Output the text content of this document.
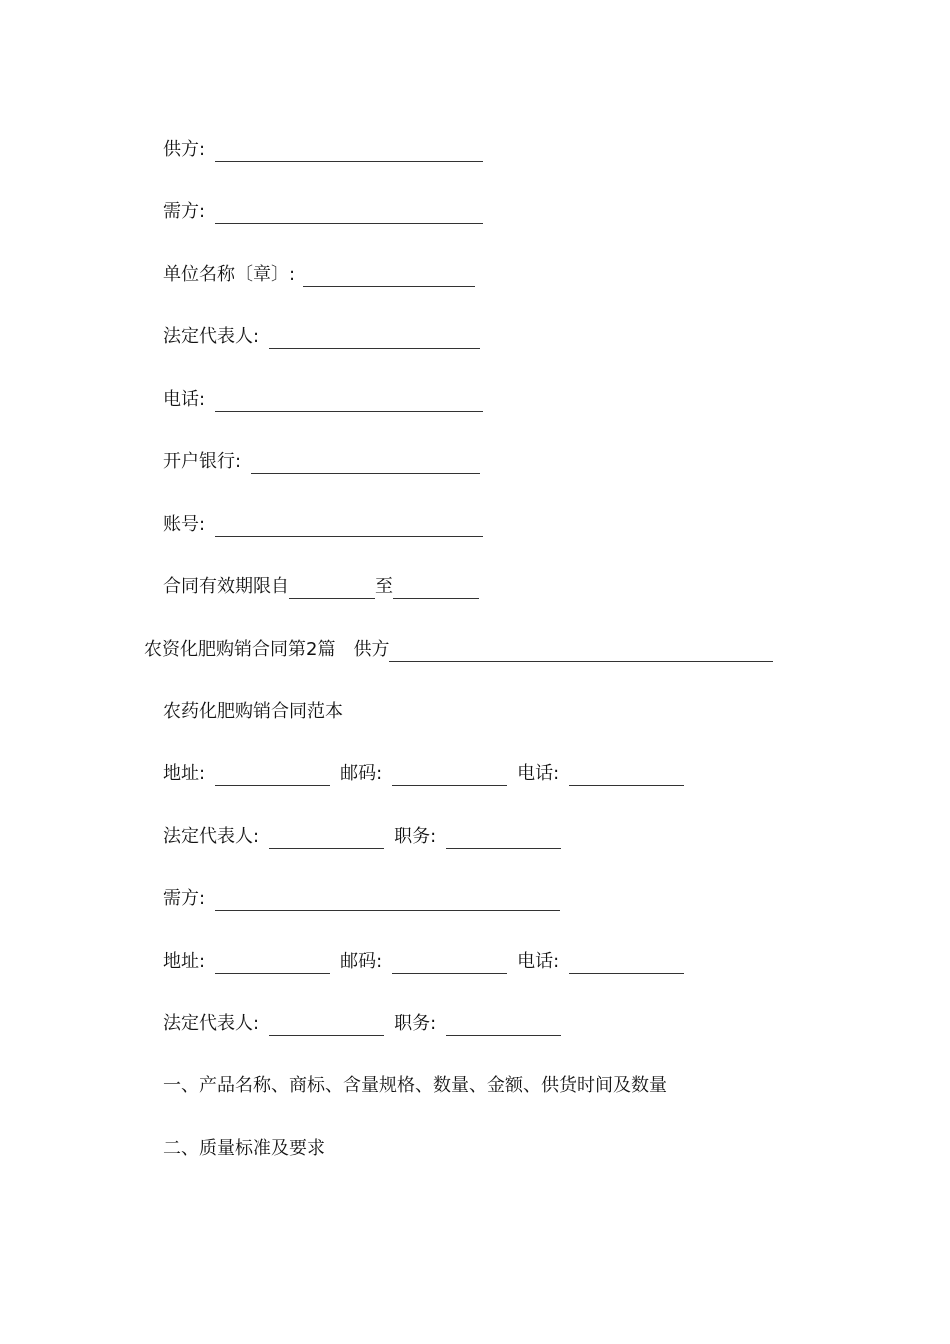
供方:
需方:
单位名称〔章〕:
法定代表人:
电话:
开户银行:
账号:
合同有效期限自	至
农资化肥购销合同第2篇 供方
农药化肥购销合同范本
地址:	邮码:	电话:
法定代表人:	职务:
需方:
地址:	邮码:	电话:
法定代表人:	职务:
一、产品名称、商标、含量规格、数量、金额、供货时间及数量
二、质量标准及要求
